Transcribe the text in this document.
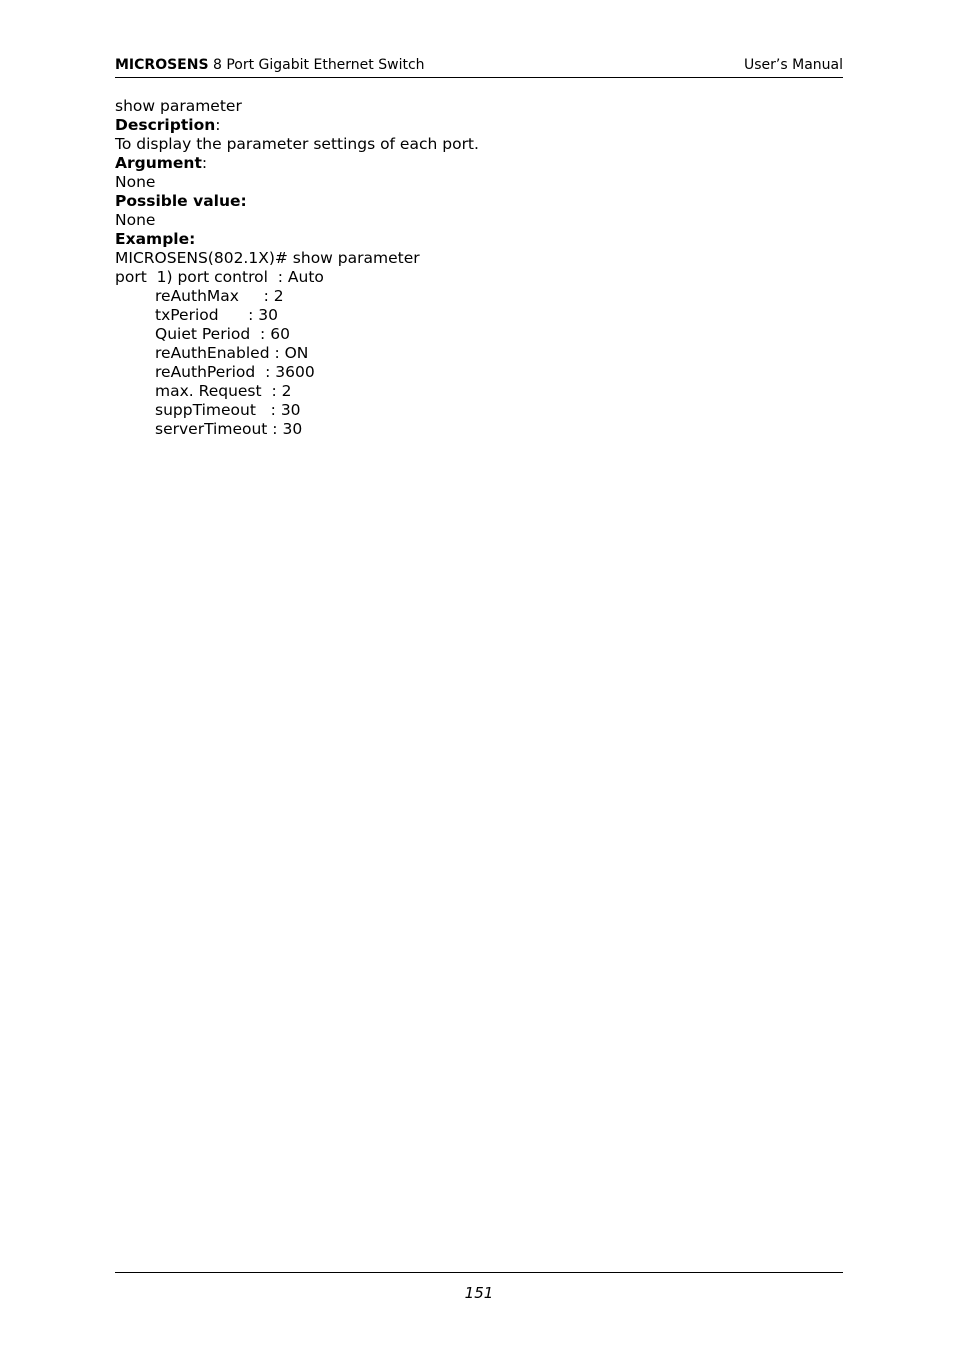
MICROSENS 8 Port Gigabit Ethernet Switch	User’s Manual
show parameter
Description:
To display the parameter settings of each port.
Argument:
None
Possible value:
None
Example:
MICROSENS(802.1X)# show parameter
port  1) port control  : Auto
reAuthMax     : 2
txPeriod      : 30
Quiet Period  : 60
reAuthEnabled : ON
reAuthPeriod  : 3600
max. Request  : 2
suppTimeout   : 30
serverTimeout : 30
151
